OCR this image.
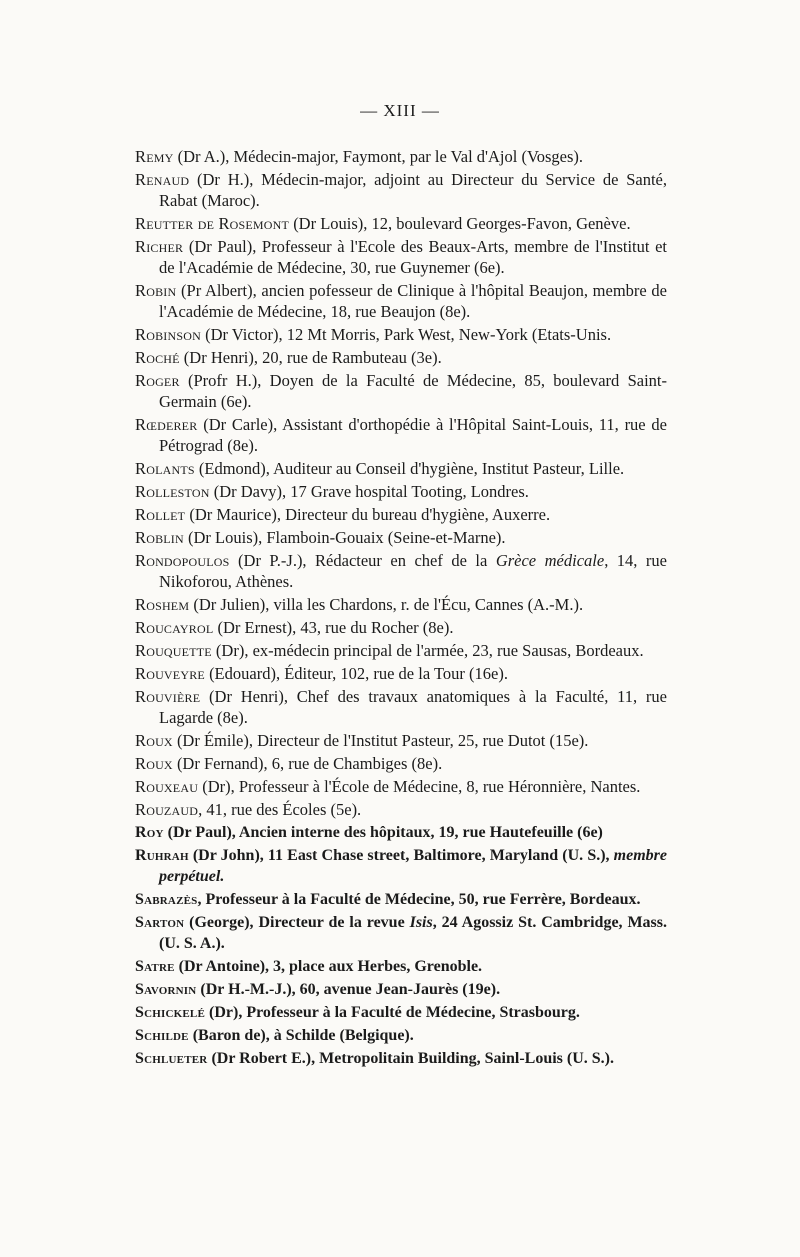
— XIII —
Remy (Dr A.), Médecin-major, Faymont, par le Val d'Ajol (Vosges).
Renaud (Dr H.), Médecin-major, adjoint au Directeur du Service de Santé, Rabat (Maroc).
Reutter de Rosemont (Dr Louis), 12, boulevard Georges-Favon, Genève.
Richer (Dr Paul), Professeur à l'Ecole des Beaux-Arts, membre de l'Institut et de l'Académie de Médecine, 30, rue Guynemer (6e).
Robin (Pr Albert), ancien pofesseur de Clinique à l'hôpital Beaujon, membre de l'Académie de Médecine, 18, rue Beaujon (8e).
Robinson (Dr Victor), 12 Mt Morris, Park West, New-York (Etats-Unis.
Roché (Dr Henri), 20, rue de Rambuteau (3e).
Roger (Profr H.), Doyen de la Faculté de Médecine, 85, boulevard Saint-Germain (6e).
Rœderer (Dr Carle), Assistant d'orthopédie à l'Hôpital Saint-Louis, 11, rue de Pétrograd (8e).
Rolants (Edmond), Auditeur au Conseil d'hygiène, Institut Pasteur, Lille.
Rolleston (Dr Davy), 17 Grave hospital Tooting, Londres.
Rollet (Dr Maurice), Directeur du bureau d'hygiène, Auxerre.
Roblin (Dr Louis), Flamboin-Gouaix (Seine-et-Marne).
Rondopoulos (Dr P.-J.), Rédacteur en chef de la Grèce médicale, 14, rue Nikoforou, Athènes.
Roshem (Dr Julien), villa les Chardons, r. de l'Écu, Cannes (A.-M.).
Roucayrol (Dr Ernest), 43, rue du Rocher (8e).
Rouquette (Dr), ex-médecin principal de l'armée, 23, rue Sausas, Bordeaux.
Rouveyre (Edouard), Éditeur, 102, rue de la Tour (16e).
Rouvière (Dr Henri), Chef des travaux anatomiques à la Faculté, 11, rue Lagarde (8e).
Roux (Dr Émile), Directeur de l'Institut Pasteur, 25, rue Dutot (15e).
Roux (Dr Fernand), 6, rue de Chambiges (8e).
Rouxeau (Dr), Professeur à l'École de Médecine, 8, rue Héronnière, Nantes.
Rouzaud, 41, rue des Écoles (5e).
Roy (Dr Paul), Ancien interne des hôpitaux, 19, rue Hautefeuille (6e)
Ruhrah (Dr John), 11 East Chase street, Baltimore, Maryland (U. S.), membre perpétuel.
Sabrazès, Professeur à la Faculté de Médecine, 50, rue Ferrère, Bordeaux.
Sarton (George), Directeur de la revue Isis, 24 Agossiz St. Cambridge, Mass. (U. S. A.).
Satre (Dr Antoine), 3, place aux Herbes, Grenoble.
Savornin (Dr H.-M.-J.), 60, avenue Jean-Jaurès (19e).
Schickelé (Dr), Professeur à la Faculté de Médecine, Strasbourg.
Schilde (Baron de), à Schilde (Belgique).
Schlueter (Dr Robert E.), Metropolitain Building, Sainl-Louis (U. S.).
